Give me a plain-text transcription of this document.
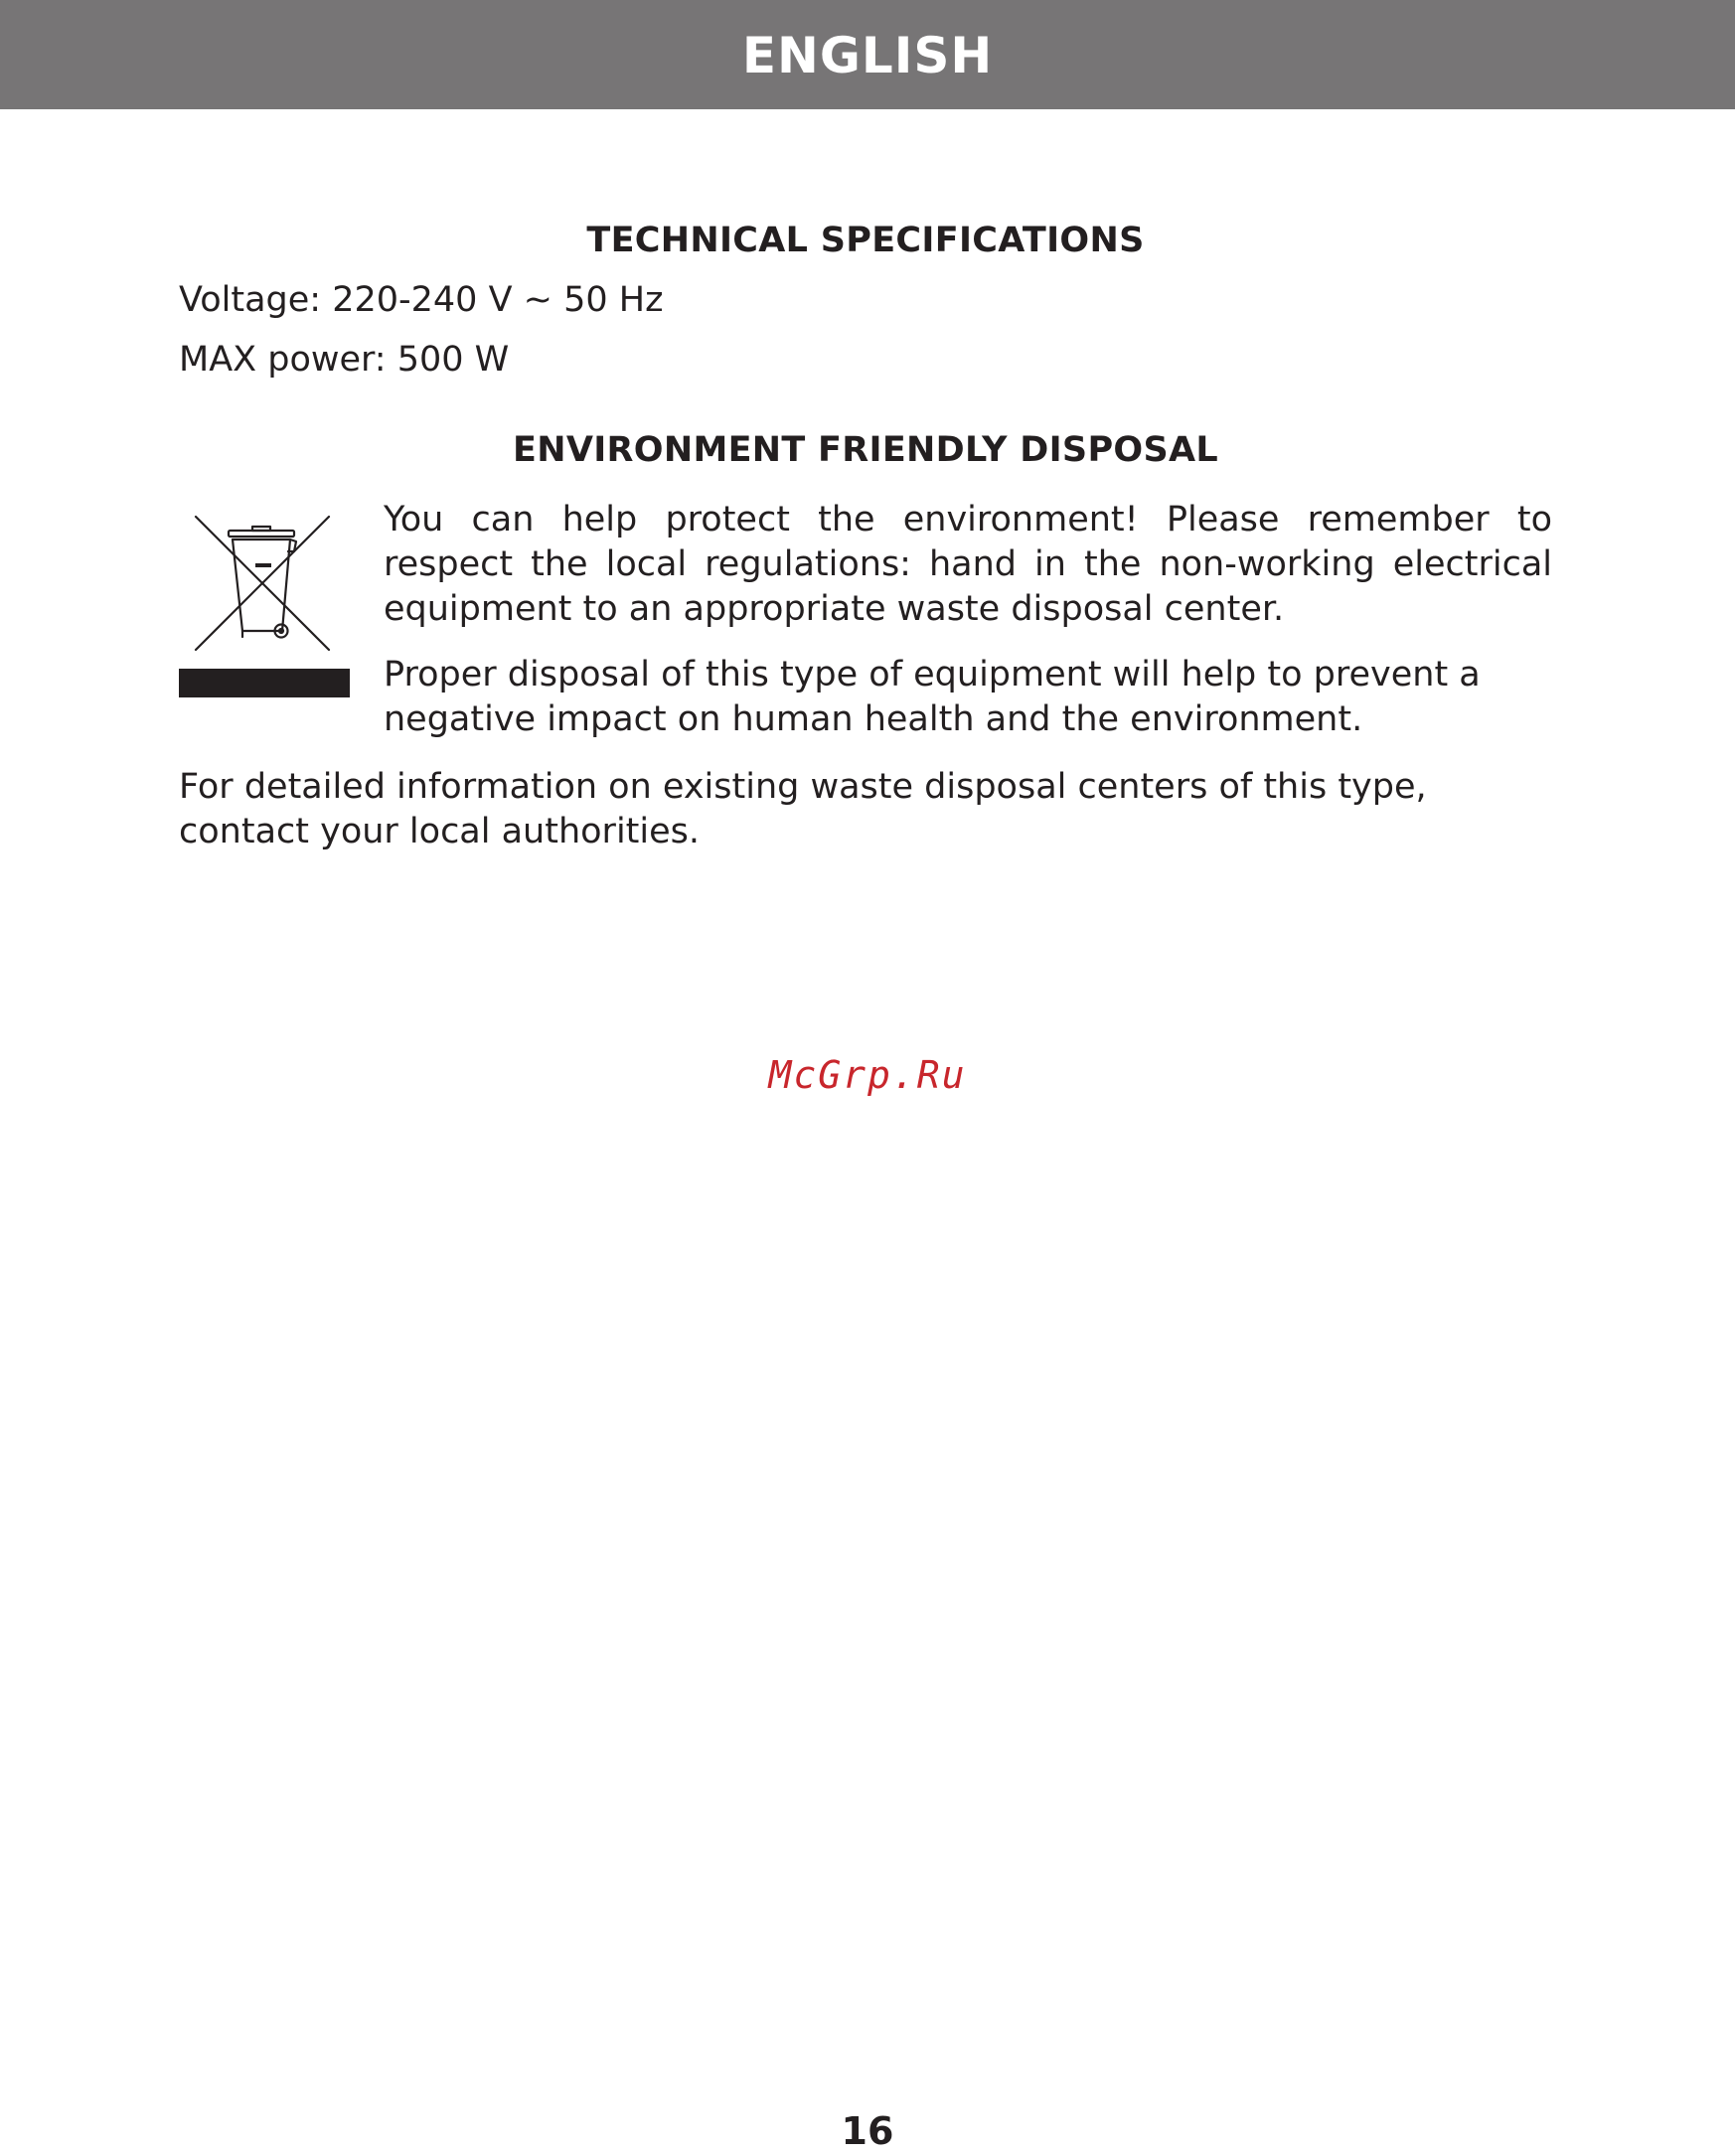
ENGLISH
TECHNICAL SPECIFICATIONS

Voltage: 220-240 V ~ 50 Hz

MAX power: 500 W

ENVIRONMENT FRIENDLY DISPOSAL

You can help protect the environment! Please remember to respect the local regulations: hand in the non-working electrical equipment to an appropriate waste disposal center.

Proper disposal of this type of equipment will help to prevent a negative impact on human health and the environment.

For detailed information on existing waste disposal centers of this type, contact your local authorities.

McGrp.Ru
16
